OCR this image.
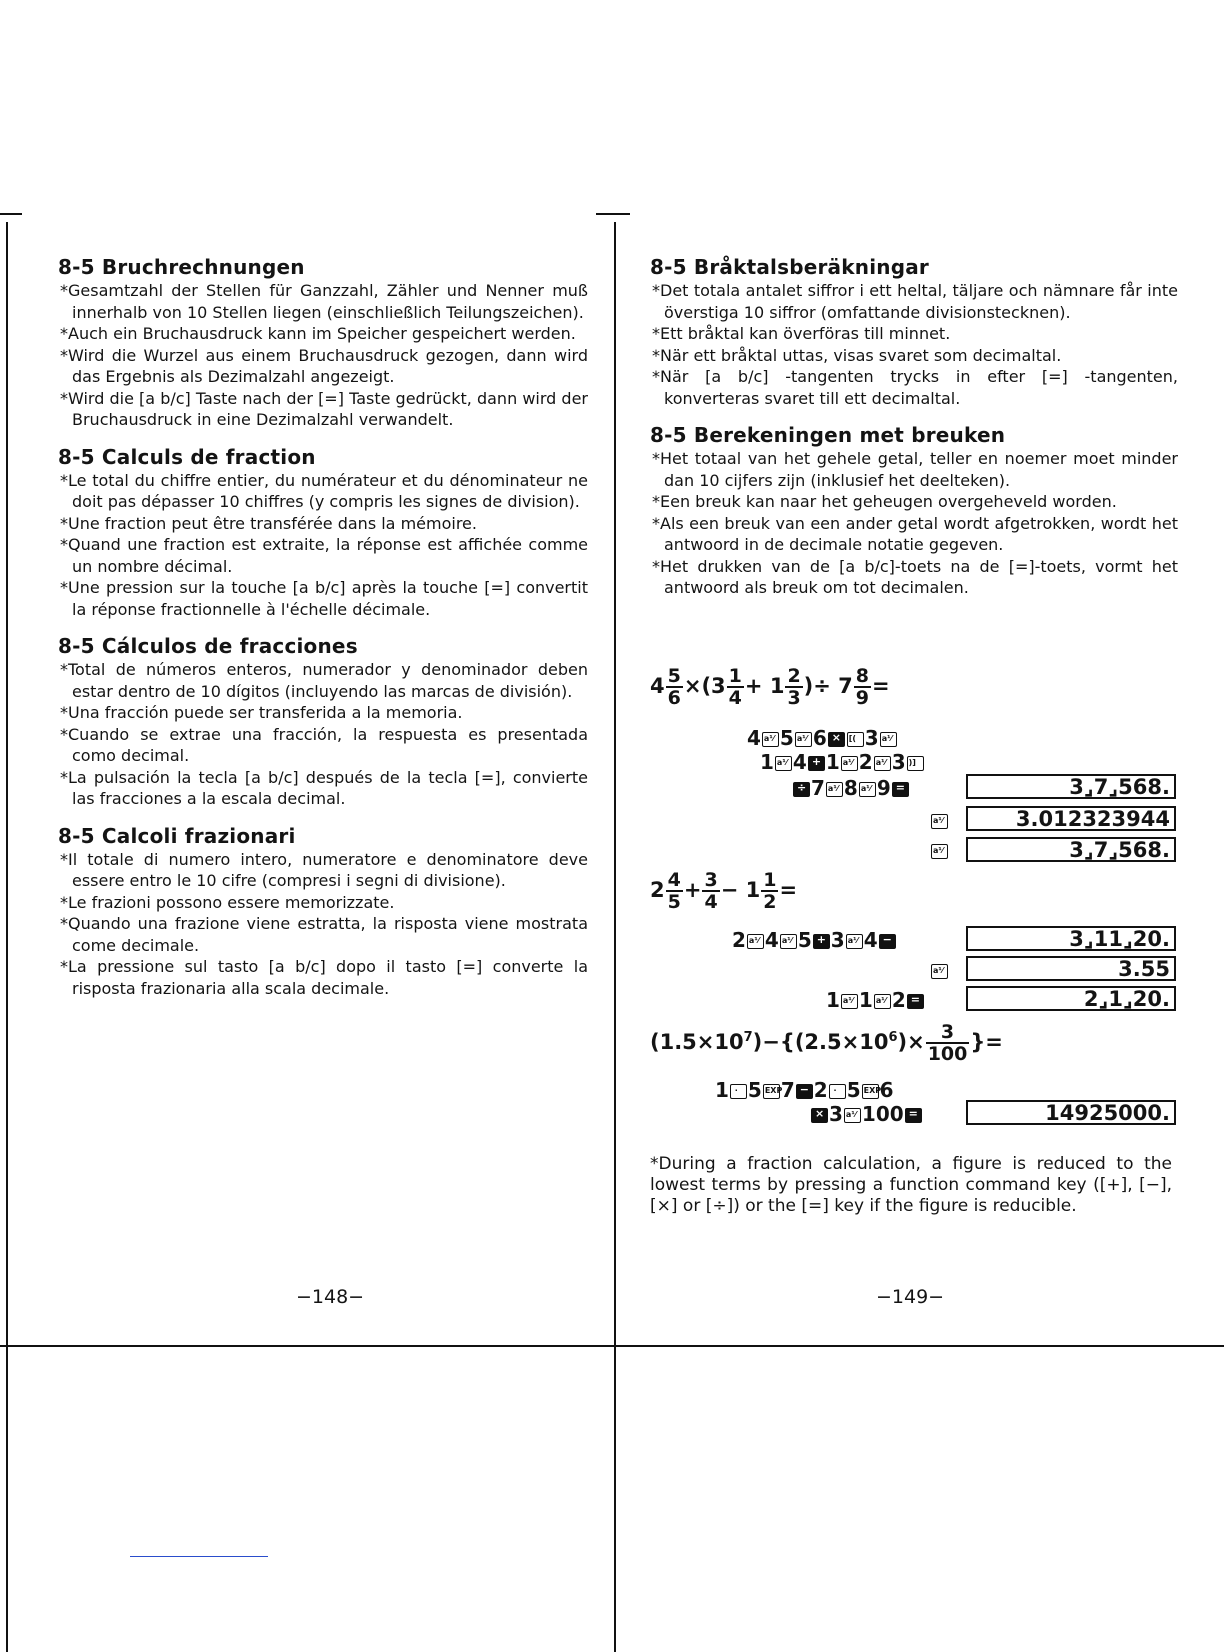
8-5 Bruchrechnungen

*Gesamtzahl der Stellen für Ganzzahl, Zähler und Nenner muß innerhalb von 10 Stellen liegen (einschließlich Teilungszeichen).

*Auch ein Bruchausdruck kann im Speicher gespeichert werden.

*Wird die Wurzel aus einem Bruchausdruck gezogen, dann wird das Ergebnis als Dezimalzahl angezeigt.

*Wird die [a b/c] Taste nach der [=] Taste gedrückt, dann wird der Bruchausdruck in eine Dezimalzahl verwandelt.

8-5 Calculs de fraction

*Le total du chiffre entier, du numérateur et du dénominateur ne doit pas dépasser 10 chiffres (y compris les signes de division).

*Une fraction peut être transférée dans la mémoire.

*Quand une fraction est extraite, la réponse est affichée comme un nombre décimal.

*Une pression sur la touche [a b/c] après la touche [=] convertit la réponse fractionnelle à l'échelle décimale.

8-5 Cálculos de fracciones

*Total de números enteros, numerador y denominador deben estar dentro de 10 dígitos (incluyendo las marcas de división).

*Una fracción puede ser transferida a la memoria.

*Cuando se extrae una fracción, la respuesta es presentada como decimal.

*La pulsación la tecla [a b/c] después de la tecla [=], convierte las fracciones a la escala decimal.

8-5 Calcoli frazionari

*Il totale di numero intero, numeratore e denominatore deve essere entro le 10 cifre (compresi i segni di divisione).

*Le frazioni possono essere memorizzate.

*Quando una frazione viene estratta, la risposta viene mostrata come decimale.

*La pressione sul tasto [a b/c] dopo il tasto [=] converte la risposta frazionaria alla scala decimale.

−148−
8-5 Bråktalsberäkningar

*Det totala antalet siffror i ett heltal, täljare och nämnare får inte överstiga 10 siffror (omfattande divisionstecknen).

*Ett bråktal kan överföras till minnet.

*När ett bråktal uttas, visas svaret som decimaltal.

*När [a b/c] -tangenten trycks in efter [=] -tangenten, konverteras svaret till ett decimaltal.

8-5 Berekeningen met breuken

*Het totaal van het gehele getal, teller en noemer moet minder dan 10 cijfers zijn (inklusief het deelteken).

*Een breuk kan naar het geheugen overgeheveld worden.

*Als een breuk van een ander getal wordt afgetrokken, wordt het antwoord in de decimale notatie gegeven.

*Het drukken van de [a b/c]-toets na de [=]-toets, vormt het antwoord als breuk om tot decimalen.

$4 \frac{5}{6} \times(3 \frac{1}{4} + 1 \frac{2}{3}$ )÷ $7 \frac{8}{9}$ =
4 a⅟ 5 a⅟ 6 × [( 3 a⅟
1 a⅟ 4 + 1 a⅟ 2 a⅟ 3 )]
÷ 7 a⅟ 8 a⅟ 9 =
a⅟
a⅟
3⌟7⌟568.
3.012323944
3⌟7⌟568.
$2 \frac{4}{5} + \frac{3}{4} - 1 \frac{1}{2}$ =
2 a⅟ 4 a⅟ 5 + 3 a⅟ 4 −
a⅟
1 a⅟ 1 a⅟ 2 =
3⌟11⌟20.
3.55
2⌟1⌟20.
$(1.5\times 10^7)-\{(2.5\times 10^6)\times \frac{3}{100}$ }=
1 · 5 EXP
7 − 2 · 5 EXP
6
× 3 a⅟ 100 =	14925000.
*During a fraction calculation, a figure is reduced to the lowest terms by pressing a function command key ([+], [−], [×] or [÷]) or the [=] key if the figure is reducible.
−149−
